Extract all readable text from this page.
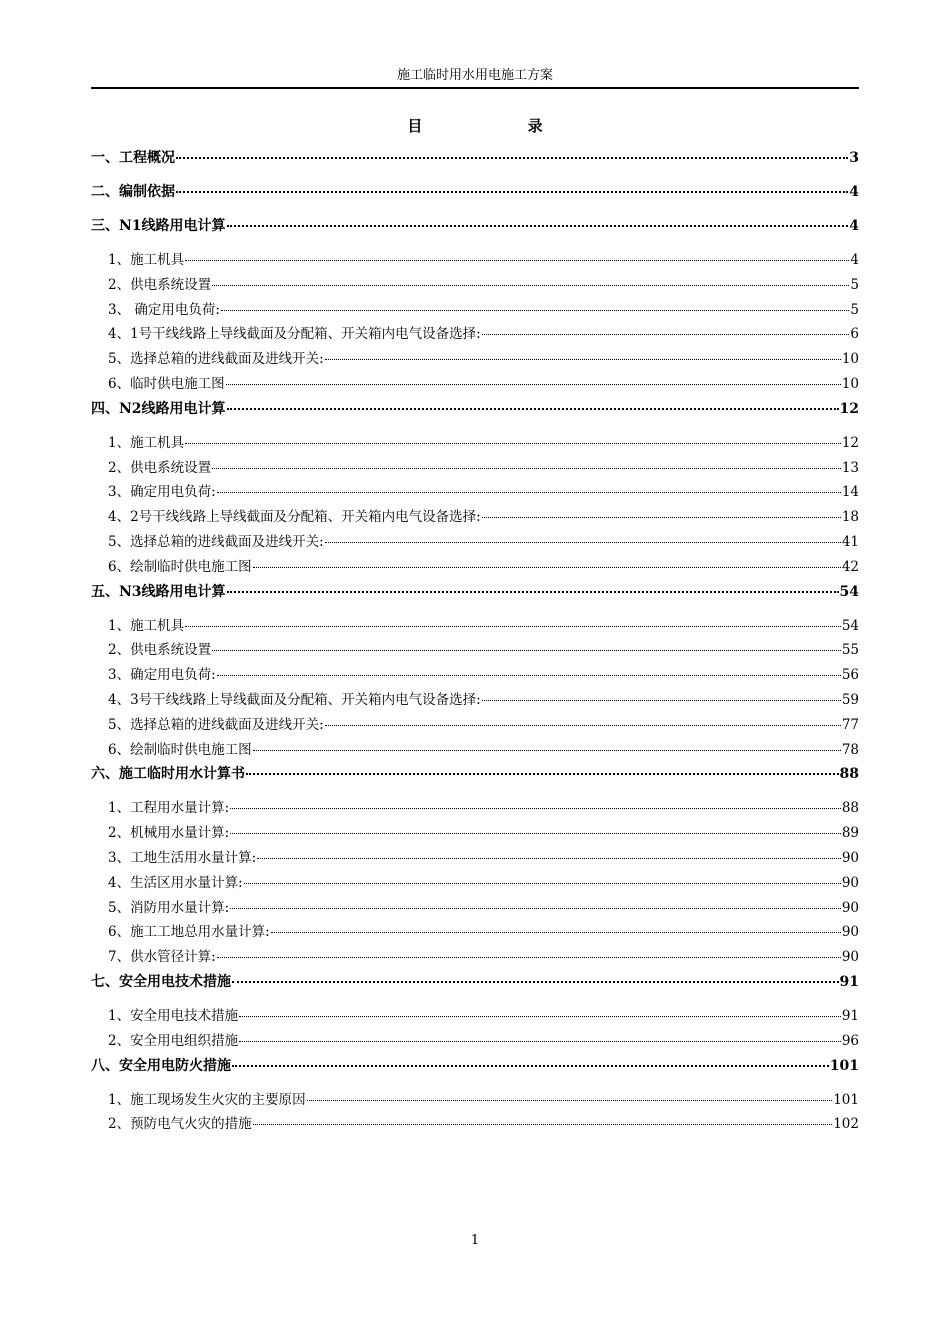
施工临时用水用电施工方案
目 录
一、工程概况	3
二、编制依据	4
三、N1线路用电计算	4
1、施工机具	4
2、供电系统设置	5
3、 确定用电负荷:	5
4、1号干线线路上导线截面及分配箱、开关箱内电气设备选择:	6
5、选择总箱的进线截面及进线开关:	10
6、临时供电施工图	10
四、N2线路用电计算	12
1、施工机具	12
2、供电系统设置	13
3、确定用电负荷:	14
4、2号干线线路上导线截面及分配箱、开关箱内电气设备选择:	18
5、选择总箱的进线截面及进线开关:	41
6、绘制临时供电施工图	42
五、N3线路用电计算	54
1、施工机具	54
2、供电系统设置	55
3、确定用电负荷:	56
4、3号干线线路上导线截面及分配箱、开关箱内电气设备选择:	59
5、选择总箱的进线截面及进线开关:	77
6、绘制临时供电施工图	78
六、施工临时用水计算书	88
1、工程用水量计算:	88
2、机械用水量计算:	89
3、工地生活用水量计算:	90
4、生活区用水量计算:	90
5、消防用水量计算:	90
6、施工工地总用水量计算:	90
7、供水管径计算:	90
七、安全用电技术措施	91
1、安全用电技术措施	91
2、安全用电组织措施	96
八、安全用电防火措施	101
1、施工现场发生火灾的主要原因	101
2、预防电气火灾的措施	102
1
